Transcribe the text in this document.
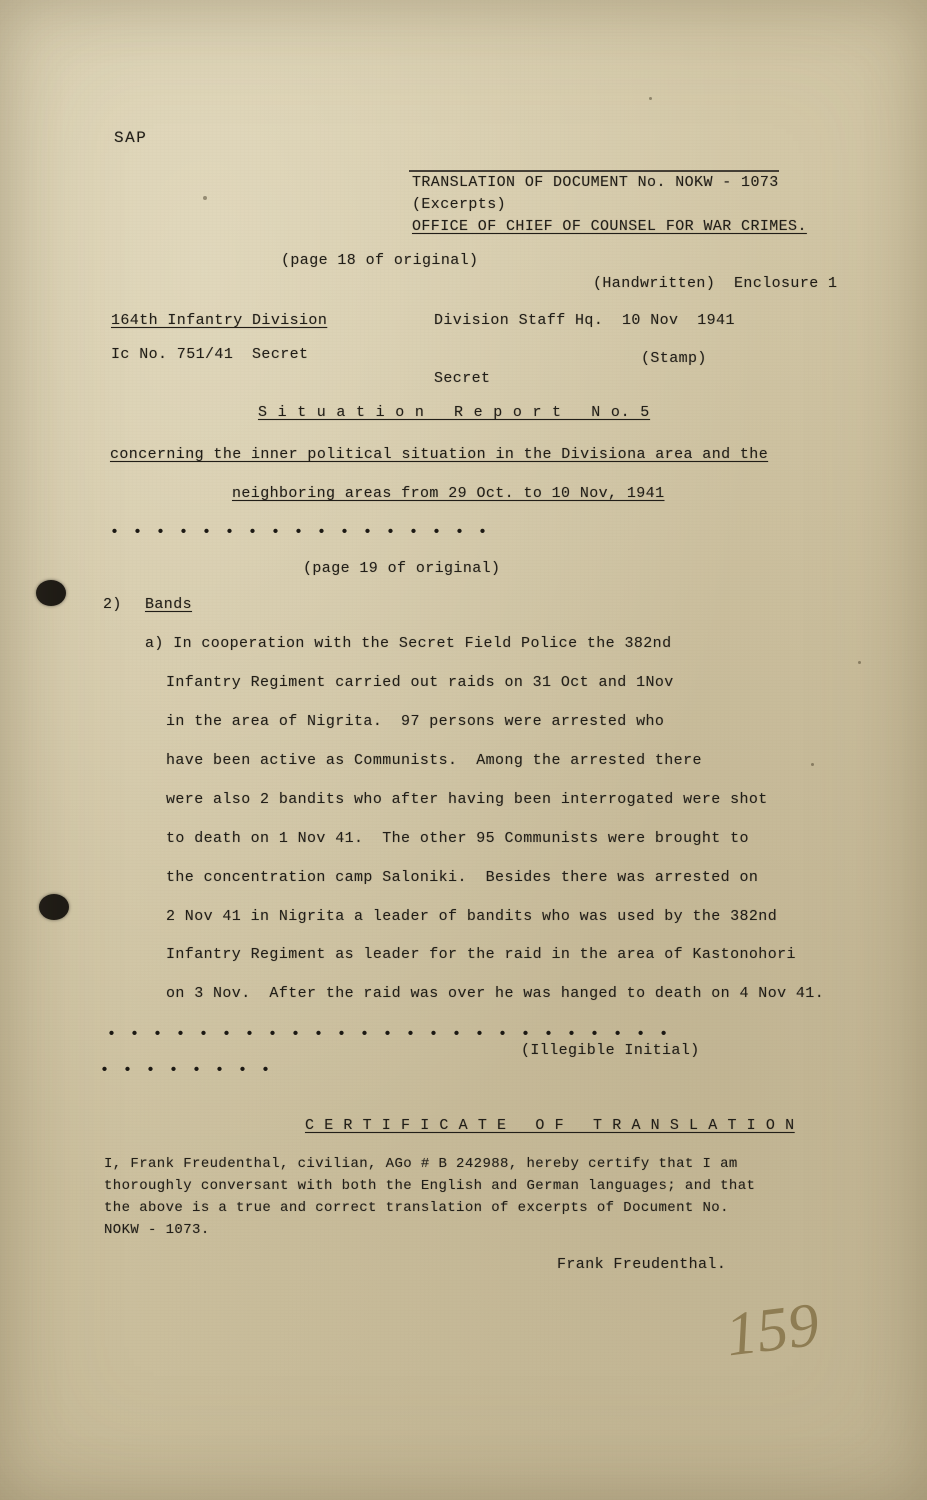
SAP
TRANSLATION OF DOCUMENT No. NOKW - 1073
(Excerpts)
OFFICE OF CHIEF OF COUNSEL FOR WAR CRIMES.
(page 18 of original)
(Handwritten)  Enclosure 1
164th Infantry Division	Division Staff Hq.  10 Nov  1941
Ic No. 751/41  Secret	(Stamp)
Secret
S i t u a t i o n   R e p o r t   N o. 5
concerning the inner political situation in the Divisiona area and the
neighboring areas from 29 Oct. to 10 Nov, 1941
• • • • • • • • • • • • • • • • •
(page 19 of original)
2) Bands
a) In cooperation with the Secret Field Police the 382nd
Infantry Regiment carried out raids on 31 Oct and 1Nov
in the area of Nigrita.  97 persons were arrested who
have been active as Communists.  Among the arrested there
were also 2 bandits who after having been interrogated were shot
to death on 1 Nov 41.  The other 95 Communists were brought to
the concentration camp Saloniki.  Besides there was arrested on
2 Nov 41 in Nigrita a leader of bandits who was used by the 382nd
Infantry Regiment as leader for the raid in the area of Kastonohori
on 3 Nov.  After the raid was over he was hanged to death on 4 Nov 41.
• • • • • • • • • • • • • • • • • • • • • • • • •
• • • • • • • •
(Illegible Initial)
C E R T I F I C A T E   O F   T R A N S L A T I O N
I, Frank Freudenthal, civilian, AGo # B 242988, hereby certify that I am
thoroughly conversant with both the English and German languages; and that
the above is a true and correct translation of excerpts of Document No.
NOKW - 1073.
Frank Freudenthal.
159
